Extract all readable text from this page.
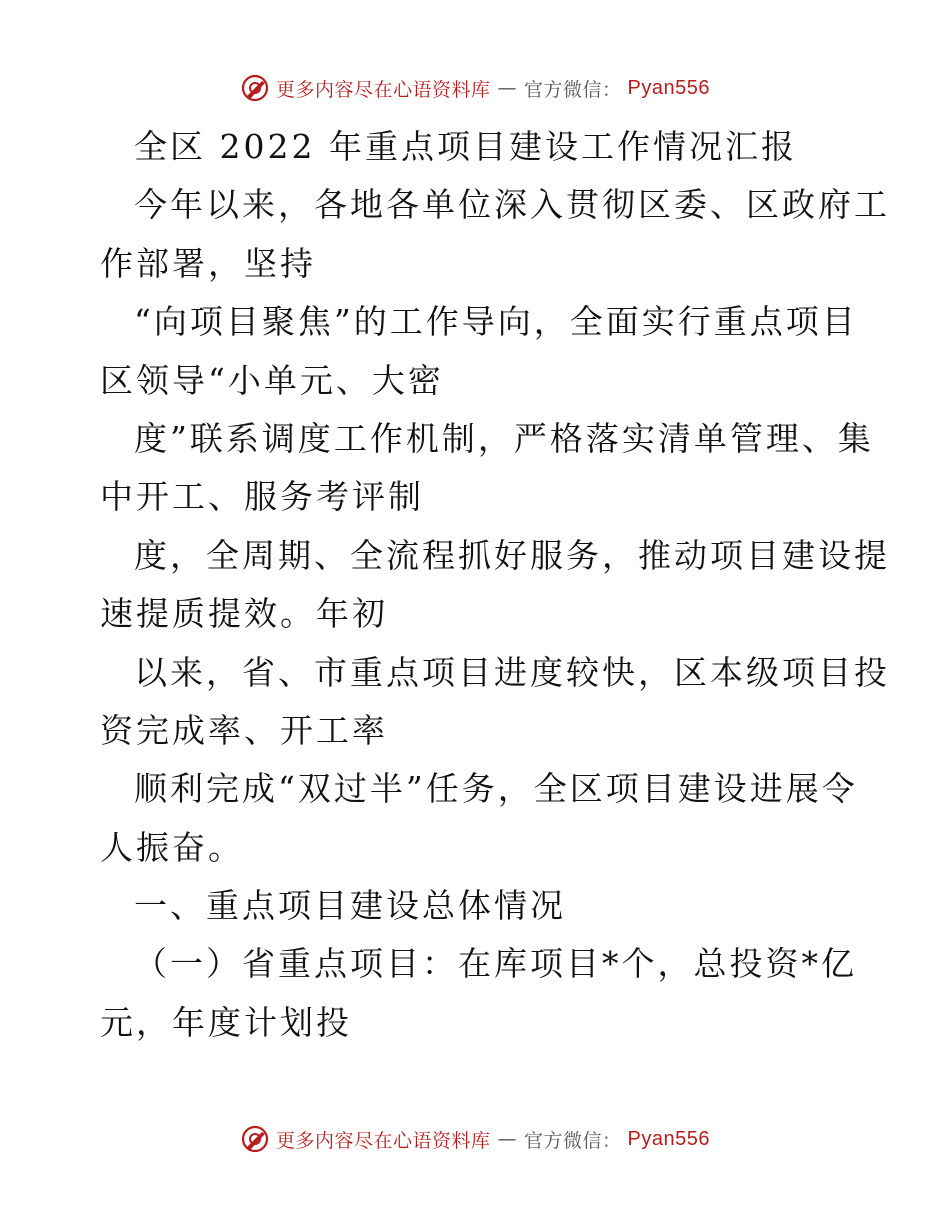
更多内容尽在心语资料库 — 官方微信： Pyan556
全区 2022 年重点项目建设工作情况汇报
今年以来，各地各单位深入贯彻区委、区政府工
作部署，坚持
“向项目聚焦”的工作导向，全面实行重点项目
区领导“小单元、大密
度”联系调度工作机制，严格落实清单管理、集
中开工、服务考评制
度，全周期、全流程抓好服务，推动项目建设提
速提质提效。年初
以来，省、市重点项目进度较快，区本级项目投
资完成率、开工率
顺利完成“双过半”任务，全区项目建设进展令
人振奋。
一、重点项目建设总体情况
（一）省重点项目：在库项目*个，总投资*亿
元，年度计划投
更多内容尽在心语资料库 — 官方微信： Pyan556
